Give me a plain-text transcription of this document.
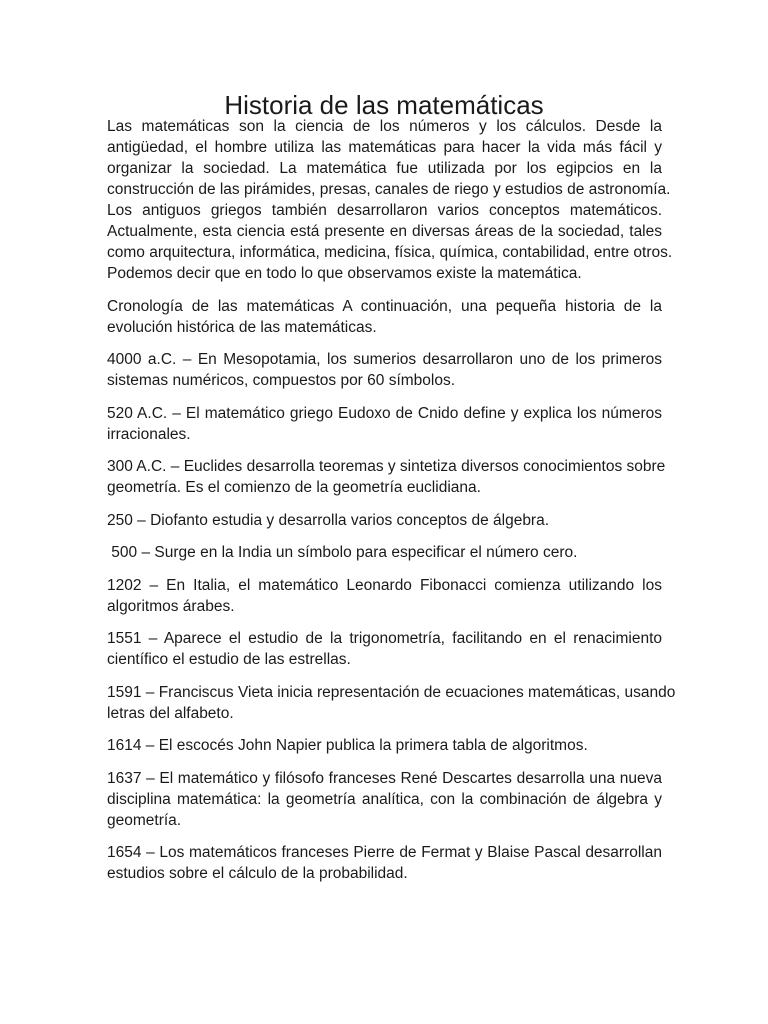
Historia de las matemáticas
Las matemáticas son la ciencia de los números y los cálculos. Desde la
antigüedad, el hombre utiliza las matemáticas para hacer la vida más fácil y
organizar la sociedad. La matemática fue utilizada por los egipcios en la
construcción de las pirámides, presas, canales de riego y estudios de astronomía.
Los antiguos griegos también desarrollaron varios conceptos matemáticos.
Actualmente, esta ciencia está presente en diversas áreas de la sociedad, tales
como arquitectura, informática, medicina, física, química, contabilidad, entre otros.
Podemos decir que en todo lo que observamos existe la matemática.
Cronología de las matemáticas A continuación, una pequeña historia de la
evolución histórica de las matemáticas.
4000 a.C. – En Mesopotamia, los sumerios desarrollaron uno de los primeros
sistemas numéricos, compuestos por 60 símbolos.
520 A.C. – El matemático griego Eudoxo de Cnido define y explica los números
irracionales.
300 A.C. – Euclides desarrolla teoremas y sintetiza diversos conocimientos sobre
geometría. Es el comienzo de la geometría euclidiana.
250 – Diofanto estudia y desarrolla varios conceptos de álgebra.
500 – Surge en la India un símbolo para especificar el número cero.
1202 – En Italia, el matemático Leonardo Fibonacci comienza utilizando los
algoritmos árabes.
1551 – Aparece el estudio de la trigonometría, facilitando en el renacimiento
científico el estudio de las estrellas.
1591 – Franciscus Vieta inicia representación de ecuaciones matemáticas, usando
letras del alfabeto.
1614 – El escocés John Napier publica la primera tabla de algoritmos.
1637 – El matemático y filósofo franceses René Descartes desarrolla una nueva
disciplina matemática: la geometría analítica, con la combinación de álgebra y
geometría.
1654 – Los matemáticos franceses Pierre de Fermat y Blaise Pascal desarrollan
estudios sobre el cálculo de la probabilidad.
